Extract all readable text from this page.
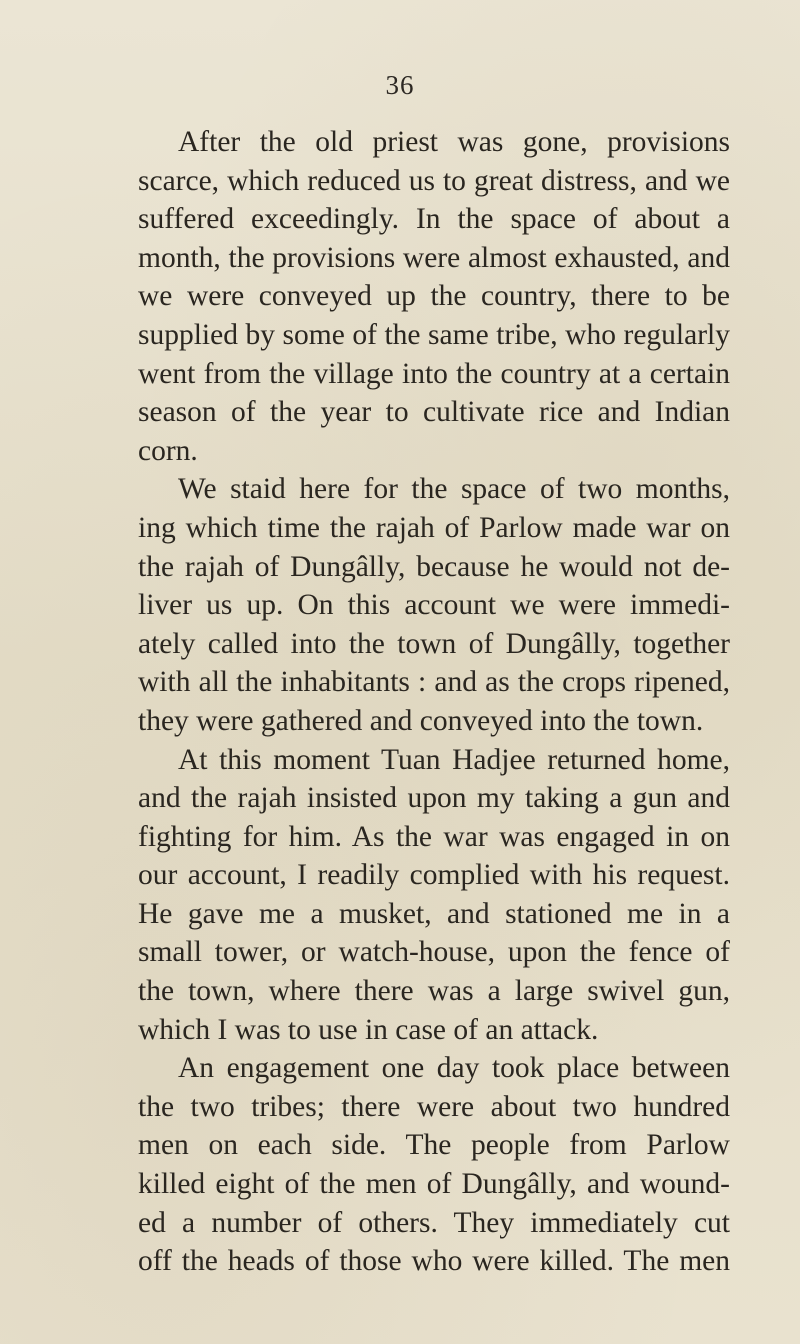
36
After the old priest was gone, provisions
scarce, which reduced us to great distress, and we
suffered exceedingly. In the space of about a
month, the provisions were almost exhausted, and
we were conveyed up the country, there to be
supplied by some of the same tribe, who regularly
went from the village into the country at a certain
season of the year to cultivate rice and Indian
corn.
We staid here for the space of two months,
ing which time the rajah of Parlow made war on
the rajah of Dungâlly, because he would not de-
liver us up. On this account we were immedi-
ately called into the town of Dungâlly, together
with all the inhabitants : and as the crops ripened,
they were gathered and conveyed into the town.
At this moment Tuan Hadjee returned home,
and the rajah insisted upon my taking a gun and
fighting for him. As the war was engaged in on
our account, I readily complied with his request.
He gave me a musket, and stationed me in a
small tower, or watch-house, upon the fence of
the town, where there was a large swivel gun,
which I was to use in case of an attack.
An engagement one day took place between
the two tribes; there were about two hundred
men on each side. The people from Parlow
killed eight of the men of Dungâlly, and wound-
ed a number of others. They immediately cut
off the heads of those who were killed. The men
